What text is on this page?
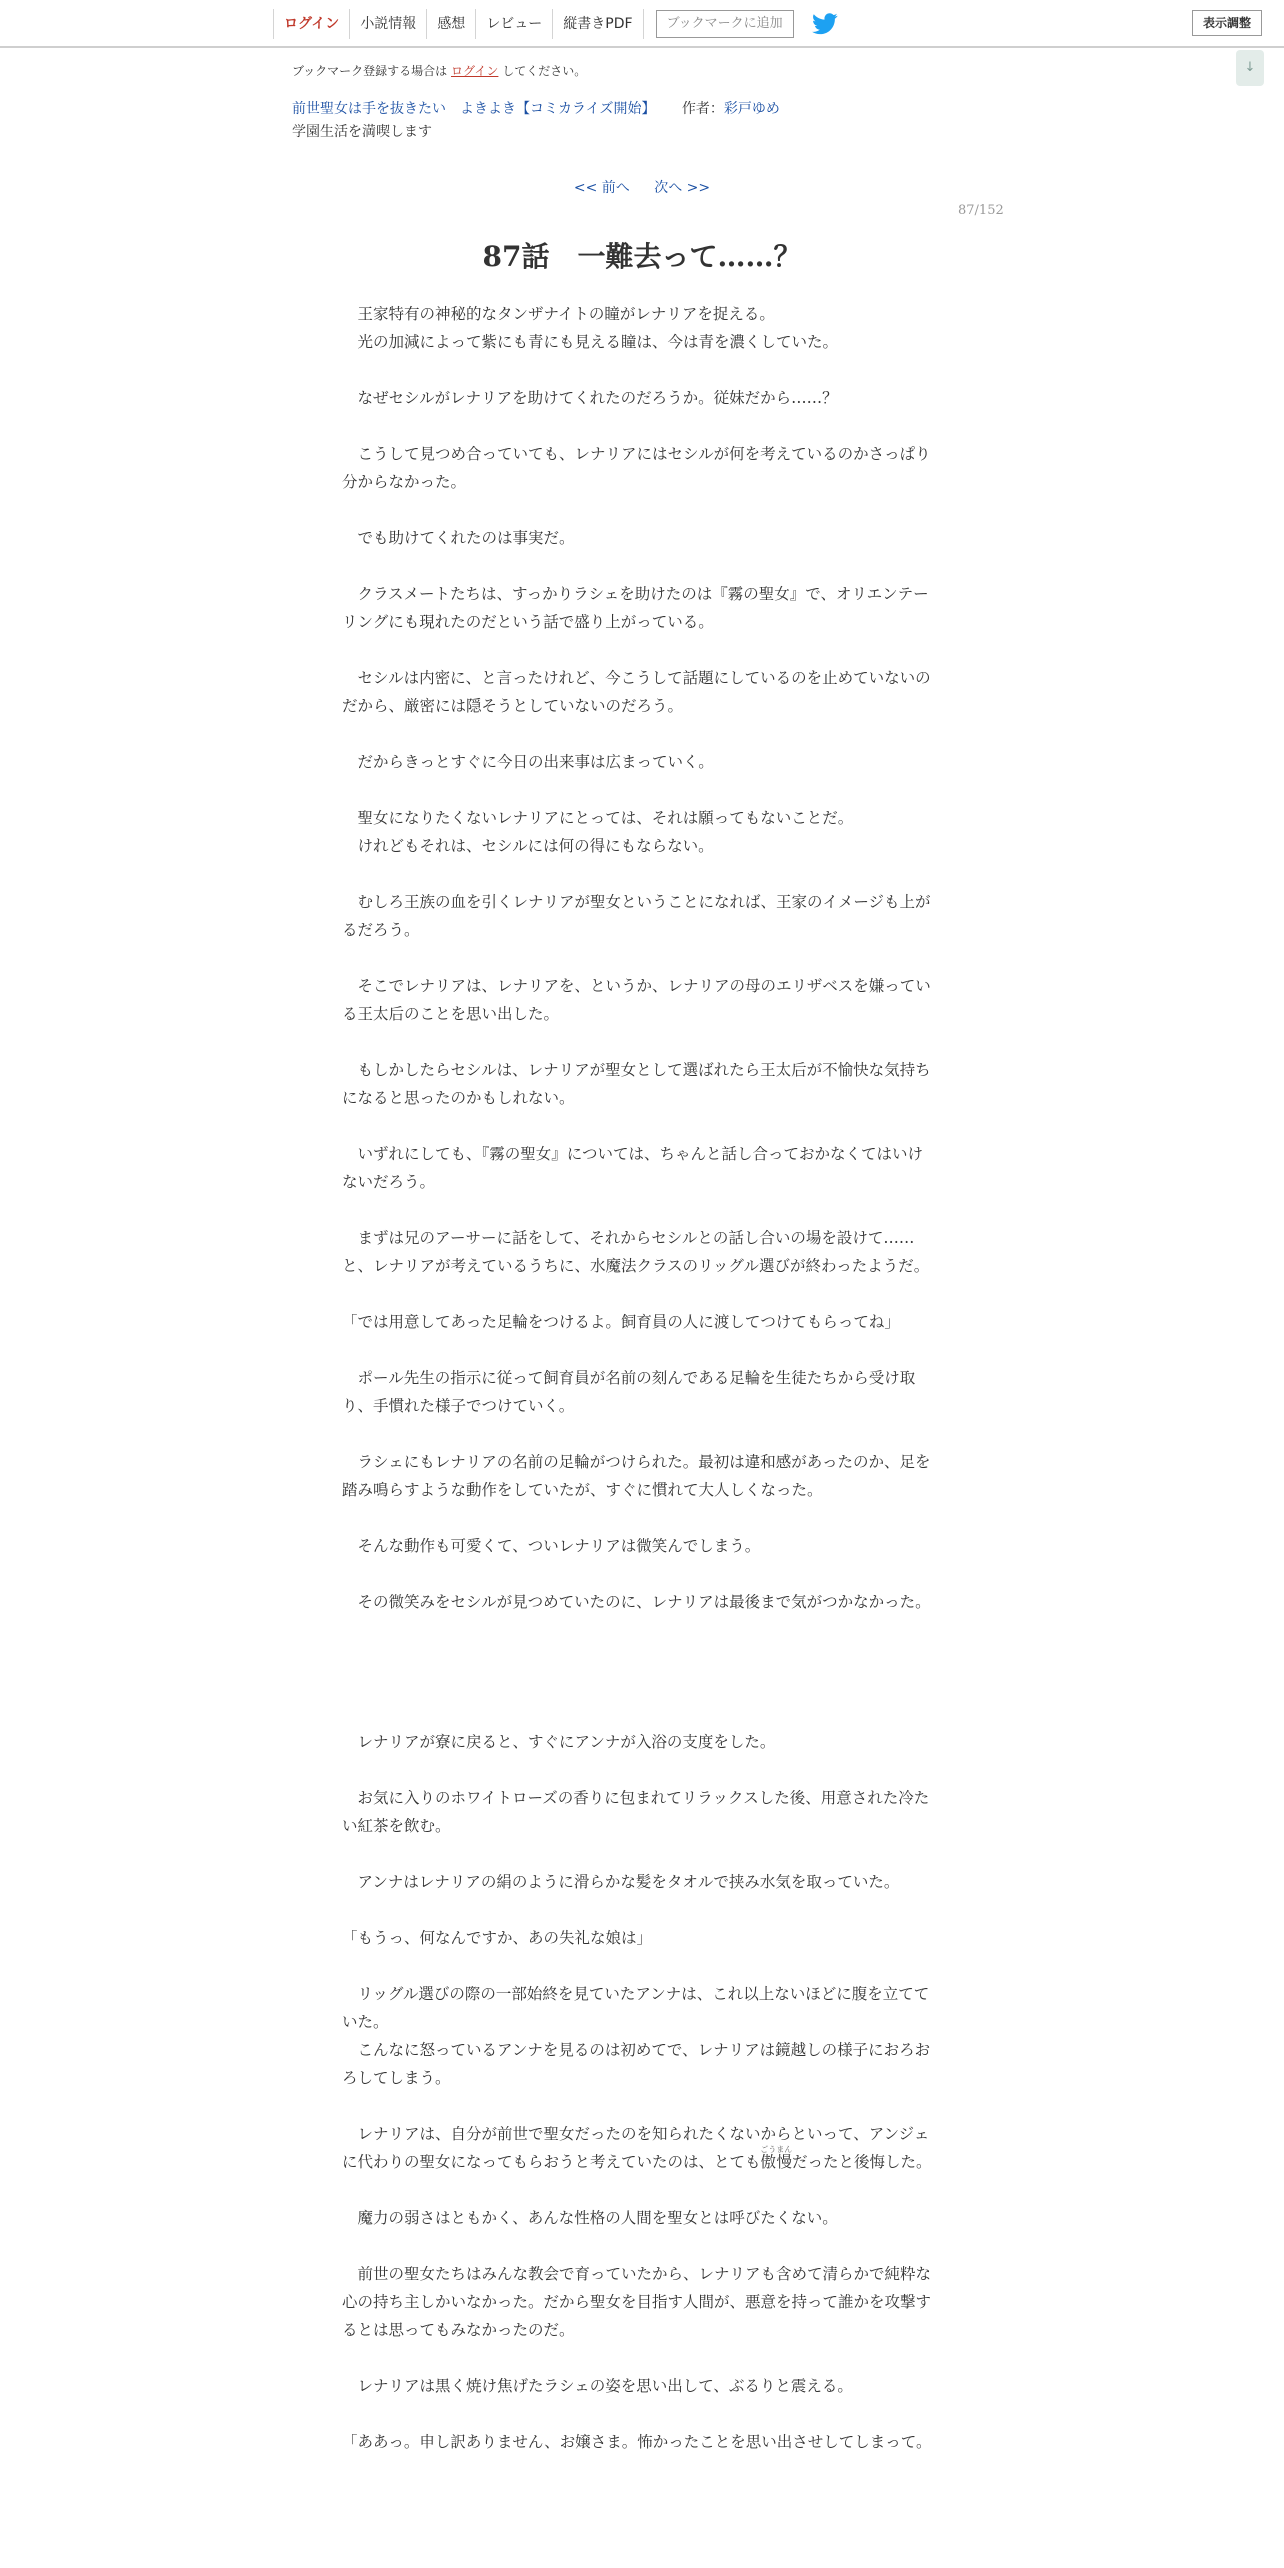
ログイン	小説情報	感想	レビュー	縦書きPDF	ブックマークに追加	表示調整
↓
ブックマーク登録する場合は ログイン してください。
前世聖女は手を抜きたい　よきよき【コミカライズ開始】 作者：彩戸ゆめ
学園生活を満喫します
<< 前へ 次へ >>
87/152
87話　一難去って……？

　王家特有の神秘的なタンザナイトの瞳がレナリアを捉える。
　光の加減によって紫にも青にも見える瞳は、今は青を濃くしていた。

　なぜセシルがレナリアを助けてくれたのだろうか。従妹だから……？

　こうして見つめ合っていても、レナリアにはセシルが何を考えているのかさっぱり分からなかった。

　でも助けてくれたのは事実だ。

　クラスメートたちは、すっかりラシェを助けたのは『霧の聖女』で、オリエンテーリングにも現れたのだという話で盛り上がっている。

　セシルは内密に、と言ったけれど、今こうして話題にしているのを止めていないのだから、厳密には隠そうとしていないのだろう。

　だからきっとすぐに今日の出来事は広まっていく。

　聖女になりたくないレナリアにとっては、それは願ってもないことだ。
　けれどもそれは、セシルには何の得にもならない。

　むしろ王族の血を引くレナリアが聖女ということになれば、王家のイメージも上がるだろう。

　そこでレナリアは、レナリアを、というか、レナリアの母のエリザベスを嫌っている王太后のことを思い出した。

　もしかしたらセシルは、レナリアが聖女として選ばれたら王太后が不愉快な気持ちになると思ったのかもしれない。

　いずれにしても、『霧の聖女』については、ちゃんと話し合っておかなくてはいけないだろう。

　まずは兄のアーサーに話をして、それからセシルとの話し合いの場を設けて……と、レナリアが考えているうちに、水魔法クラスのリッグル選びが終わったようだ。

「では用意してあった足輪をつけるよ。飼育員の人に渡してつけてもらってね」

　ポール先生の指示に従って飼育員が名前の刻んである足輪を生徒たちから受け取り、手慣れた様子でつけていく。

　ラシェにもレナリアの名前の足輪がつけられた。最初は違和感があったのか、足を踏み鳴らすような動作をしていたが、すぐに慣れて大人しくなった。

　そんな動作も可愛くて、ついレナリアは微笑んでしまう。

　その微笑みをセシルが見つめていたのに、レナリアは最後まで気がつかなかった。

　レナリアが寮に戻ると、すぐにアンナが入浴の支度をした。

　お気に入りのホワイトローズの香りに包まれてリラックスした後、用意された冷たい紅茶を飲む。

　アンナはレナリアの絹のように滑らかな髪をタオルで挟み水気を取っていた。

「もうっ、何なんですか、あの失礼な娘は」

　リッグル選びの際の一部始終を見ていたアンナは、これ以上ないほどに腹を立てていた。
　こんなに怒っているアンナを見るのは初めてで、レナリアは鏡越しの様子におろおろしてしまう。

　レナリアは、自分が前世で聖女だったのを知られたくないからといって、アンジェに代わりの聖女になってもらおうと考えていたのは、とても傲慢ごうまんだったと後悔した。

　魔力の弱さはともかく、あんな性格の人間を聖女とは呼びたくない。

　前世の聖女たちはみんな教会で育っていたから、レナリアも含めて清らかで純粋な心の持ち主しかいなかった。だから聖女を目指す人間が、悪意を持って誰かを攻撃するとは思ってもみなかったのだ。

　レナリアは黒く焼け焦げたラシェの姿を思い出して、ぶるりと震える。

「ああっ。申し訳ありません、お嬢さま。怖かったことを思い出させしてしまって。
